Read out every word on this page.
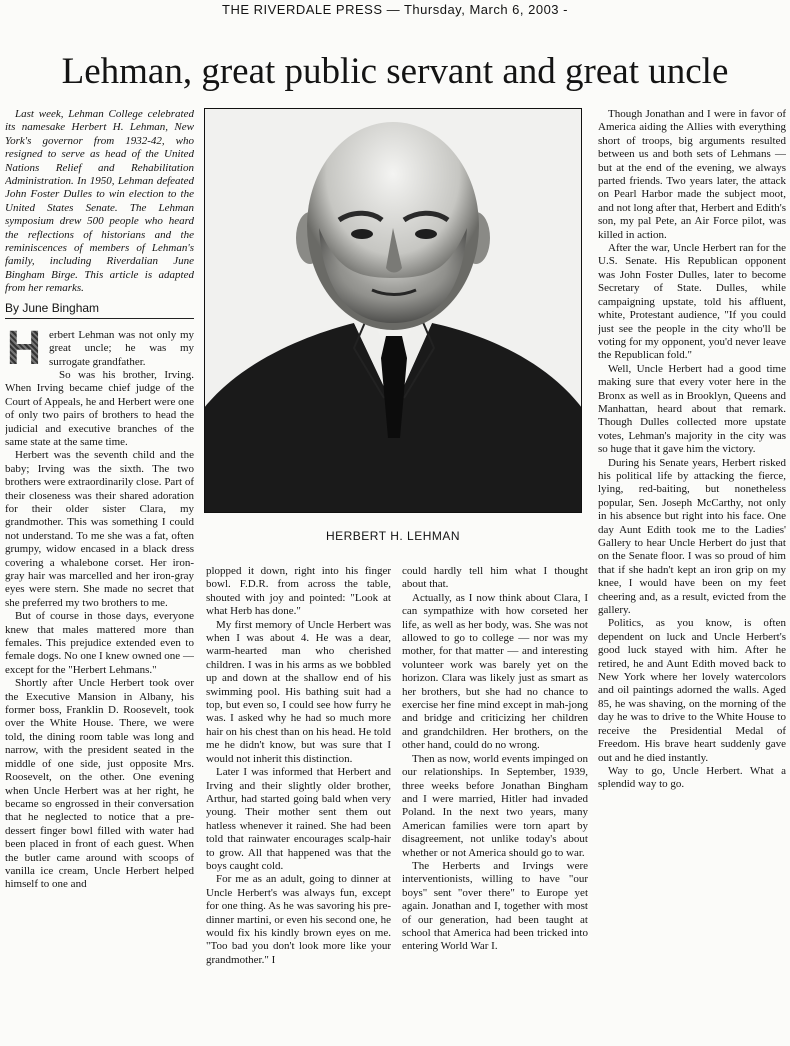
THE RIVERDALE PRESS — Thursday, March 6, 2003 -
Lehman, great public servant and great uncle

Last week, Lehman College celebrated its namesake Herbert H. Lehman, New York's governor from 1932-42, who resigned to serve as head of the United Nations Relief and Rehabilitation Administration. In 1950, Lehman defeated John Foster Dulles to win election to the United States Senate. The Lehman symposium drew 500 people who heard the reflections of historians and the reminiscences of members of Lehman's family, including Riverdalian June Bingham Birge. This article is adapted from her remarks.

By June Bingham

H erbert Lehman was not only my great uncle; he was my surrogate grandfather.

So was his brother, Irving. When Irving became chief judge of the Court of Appeals, he and Herbert were one of only two pairs of brothers to head the judicial and executive branches of the same state at the same time.

Herbert was the seventh child and the baby; Irving was the sixth. The two brothers were extraordinarily close. Part of their closeness was their shared adoration for their older sister Clara, my grandmother. This was something I could not understand. To me she was a fat, often grumpy, widow encased in a black dress covering a whalebone corset. Her iron-gray hair was marcelled and her iron-gray eyes were stern. She made no secret that she preferred my two brothers to me.

But of course in those days, everyone knew that males mattered more than females. This prejudice extended even to female dogs. No one I knew owned one — except for the "Herbert Lehmans."

Shortly after Uncle Herbert took over the Executive Mansion in Albany, his former boss, Franklin D. Roosevelt, took over the White House. There, we were told, the dining room table was long and narrow, with the president seated in the middle of one side, just opposite Mrs. Roosevelt, on the other. One evening when Uncle Herbert was at her right, he became so engrossed in their conversation that he neglected to notice that a pre-dessert finger bowl filled with water had been placed in front of each guest. When the butler came around with scoops of vanilla ice cream, Uncle Herbert helped himself to one and

HERBERT H. LEHMAN

plopped it down, right into his finger bowl. F.D.R. from across the table, shouted with joy and pointed: "Look at what Herb has done."

My first memory of Uncle Herbert was when I was about 4. He was a dear, warm-hearted man who cherished children. I was in his arms as we bobbled up and down at the shallow end of his swimming pool. His bathing suit had a top, but even so, I could see how furry he was. I asked why he had so much more hair on his chest than on his head. He told me he didn't know, but was sure that I would not inherit this distinction.

Later I was informed that Herbert and Irving and their slightly older brother, Arthur, had started going bald when very young. Their mother sent them out hatless whenever it rained. She had been told that rainwater encourages scalp-hair to grow. All that happened was that the boys caught cold.

For me as an adult, going to dinner at Uncle Herbert's was always fun, except for one thing. As he was savoring his pre-dinner martini, or even his second one, he would fix his kindly brown eyes on me. "Too bad you don't look more like your grandmother." I

could hardly tell him what I thought about that.

Actually, as I now think about Clara, I can sympathize with how corseted her life, as well as her body, was. She was not allowed to go to college — nor was my mother, for that matter — and interesting volunteer work was barely yet on the horizon. Clara was likely just as smart as her brothers, but she had no chance to exercise her fine mind except in mah-jong and bridge and criticizing her children and grandchildren. Her brothers, on the other hand, could do no wrong.

Then as now, world events impinged on our relationships. In September, 1939, three weeks before Jonathan Bingham and I were married, Hitler had invaded Poland. In the next two years, many American families were torn apart by disagreement, not unlike today's about whether or not America should go to war.

The Herberts and Irvings were interventionists, willing to have "our boys" sent "over there" to Europe yet again. Jonathan and I, together with most of our generation, had been taught at school that America had been tricked into entering World War I.

Though Jonathan and I were in favor of America aiding the Allies with everything short of troops, big arguments resulted between us and both sets of Lehmans — but at the end of the evening, we always parted friends. Two years later, the attack on Pearl Harbor made the subject moot, and not long after that, Herbert and Edith's son, my pal Pete, an Air Force pilot, was killed in action.

After the war, Uncle Herbert ran for the U.S. Senate. His Republican opponent was John Foster Dulles, later to become Secretary of State. Dulles, while campaigning upstate, told his affluent, white, Protestant audience, "If you could just see the people in the city who'll be voting for my opponent, you'd never leave the Republican fold."

Well, Uncle Herbert had a good time making sure that every voter here in the Bronx as well as in Brooklyn, Queens and Manhattan, heard about that remark. Though Dulles collected more upstate votes, Lehman's majority in the city was so huge that it gave him the victory.

During his Senate years, Herbert risked his political life by attacking the fierce, lying, red-baiting, but nonetheless popular, Sen. Joseph McCarthy, not only in his absence but right into his face. One day Aunt Edith took me to the Ladies' Gallery to hear Uncle Herbert do just that on the Senate floor. I was so proud of him that if she hadn't kept an iron grip on my knee, I would have been on my feet cheering and, as a result, evicted from the gallery.

Politics, as you know, is often dependent on luck and Uncle Herbert's good luck stayed with him. After he retired, he and Aunt Edith moved back to New York where her lovely watercolors and oil paintings adorned the walls. Aged 85, he was shaving, on the morning of the day he was to drive to the White House to receive the Presidential Medal of Freedom. His brave heart suddenly gave out and he died instantly.

Way to go, Uncle Herbert. What a splendid way to go.
